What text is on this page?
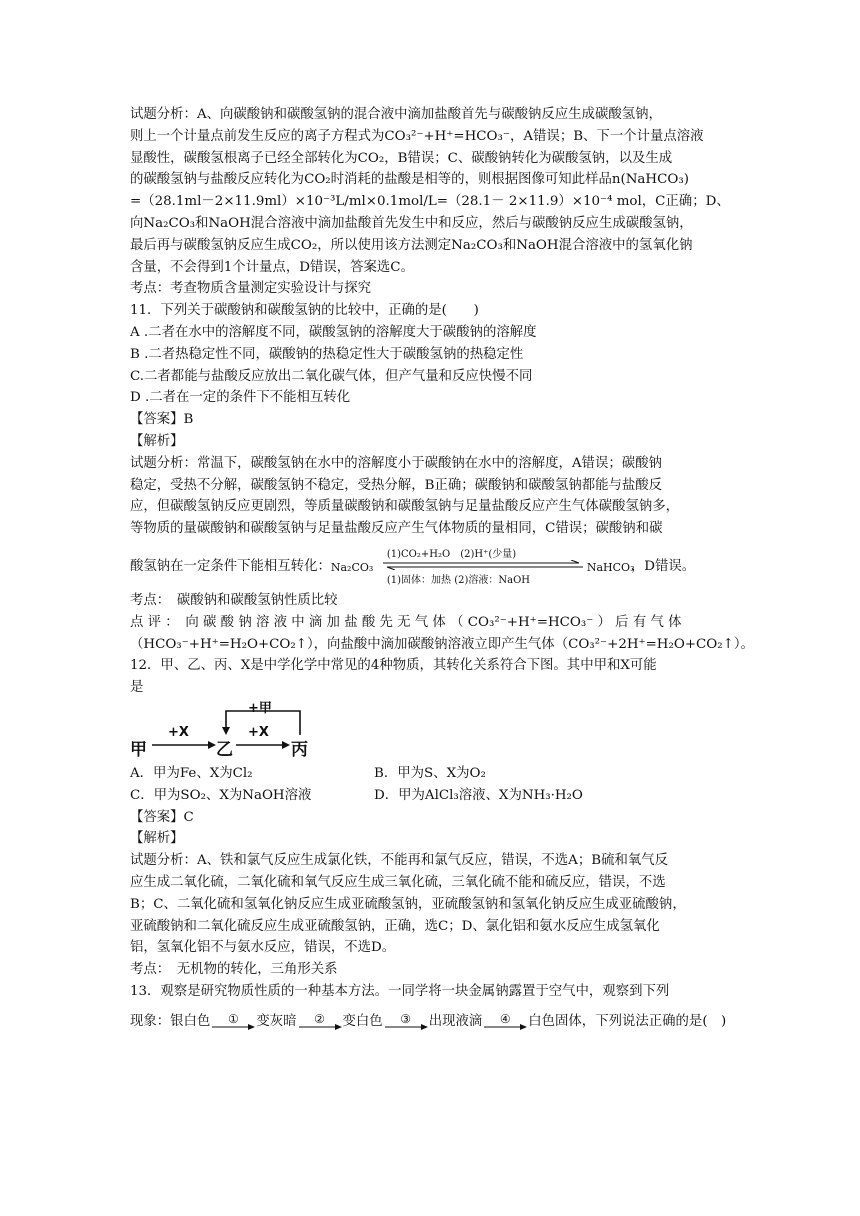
试题分析：A、向碳酸钠和碳酸氢钠的混合液中滴加盐酸首先与碳酸钠反应生成碳酸氢钠，
则上一个计量点前发生反应的离子方程式为CO₃²⁻+H⁺=HCO₃⁻，A错误；B、下一个计量点溶液
显酸性，碳酸氢根离子已经全部转化为CO₂，B错误；C、碳酸钠转化为碳酸氢钠，以及生成
的碳酸氢钠与盐酸反应转化为CO₂时消耗的盐酸是相等的，则根据图像可知此样品n(NaHCO₃)
=（28.1ml－2×11.9ml）×10⁻³L/ml×0.1mol/L=（28.1－ 2×11.9）×10⁻⁴ mol，C正确；D、
向Na₂CO₃和NaOH混合溶液中滴加盐酸首先发生中和反应，然后与碳酸钠反应生成碳酸氢钠，
最后再与碳酸氢钠反应生成CO₂，所以使用该方法测定Na₂CO₃和NaOH混合溶液中的氢氧化钠
含量，不会得到1个计量点，D错误，答案选C。
考点：考查物质含量测定实验设计与探究
11．下列关于碳酸钠和碳酸氢钠的比较中，正确的是(　　)
A .二者在水中的溶解度不同，碳酸氢钠的溶解度大于碳酸钠的溶解度
B .二者热稳定性不同，碳酸钠的热稳定性大于碳酸氢钠的热稳定性
C.二者都能与盐酸反应放出二氧化碳气体，但产气量和反应快慢不同
D .二者在一定的条件下不能相互转化
【答案】B
【解析】
试题分析：常温下，碳酸氢钠在水中的溶解度小于碳酸钠在水中的溶解度，A错误；碳酸钠
稳定，受热不分解，碳酸氢钠不稳定，受热分解，B正确；碳酸钠和碳酸氢钠都能与盐酸反
应，但碳酸氢钠反应更剧烈，等质量碳酸钠和碳酸氢钠与足量盐酸反应产生气体碳酸氢钠多，
等物质的量碳酸钠和碳酸氢钠与足量盐酸反应产生气体物质的量相同，C错误；碳酸钠和碳
酸氢钠在一定条件下能相互转化： Na₂CO₃
(1)CO₂+H₂O　(2)H⁺(少量)
(1)固体：加热 (2)溶液：NaOH
NaHCO₃
，D错误。
考点：　碳酸钠和碳酸氢钠性质比较
点 评 ：　向 碳 酸 钠 溶 液 中 滴 加 盐 酸 先 无 气 体 （ CO₃²⁻+H⁺=HCO₃⁻ ） 后 有 气 体
（HCO₃⁻+H⁺=H₂O+CO₂↑），向盐酸中滴加碳酸钠溶液立即产生气体（CO₃²⁻+2H⁺=H₂O+CO₂↑）。
12．甲、乙、丙、X是中学化学中常见的4种物质，其转化关系符合下图。其中甲和X可能
是
甲	乙	丙
+X	+X
+甲
A．甲为Fe、X为Cl₂	B．甲为S、X为O₂
C．甲为SO₂、X为NaOH溶液	D．甲为AlCl₃溶液、X为NH₃·H₂O
【答案】C
【解析】
试题分析：A、铁和氯气反应生成氯化铁，不能再和氯气反应，错误，不选A；B硫和氧气反
应生成二氧化硫，二氧化硫和氧气反应生成三氧化硫，三氧化硫不能和硫反应，错误，不选
B；C、二氧化硫和氢氧化钠反应生成亚硫酸氢钠，亚硫酸氢钠和氢氧化钠反应生成亚硫酸钠，
亚硫酸钠和二氧化硫反应生成亚硫酸氢钠，正确，选C；D、氯化铝和氨水反应生成氢氧化
铝，氢氧化铝不与氨水反应，错误，不选D。
考点：　无机物的转化，三角形关系
13．观察是研究物质性质的一种基本方法。一同学将一块金属钠露置于空气中，观察到下列
现象： 银白色	①	变灰暗	②	变白色	③	出现液滴	④	白色固体，下列说法正确的是(　)
